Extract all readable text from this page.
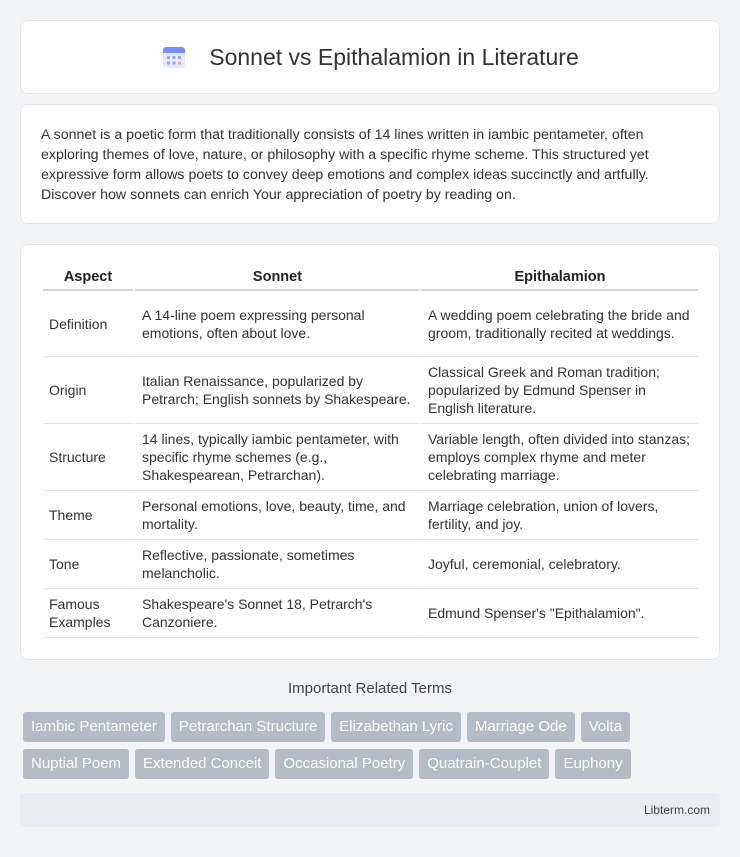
Sonnet vs Epithalamion in Literature

A sonnet is a poetic form that traditionally consists of 14 lines written in iambic pentameter, often exploring themes of love, nature, or philosophy with a specific rhyme scheme. This structured yet expressive form allows poets to convey deep emotions and complex ideas succinctly and artfully. Discover how sonnets can enrich Your appreciation of poetry by reading on.

Aspect	Sonnet	Epithalamion
Definition	A 14-line poem expressing personal emotions, often about love.	A wedding poem celebrating the bride and groom, traditionally recited at weddings.
Origin	Italian Renaissance, popularized by Petrarch; English sonnets by Shakespeare.	Classical Greek and Roman tradition; popularized by Edmund Spenser in English literature.
Structure	14 lines, typically iambic pentameter, with specific rhyme schemes (e.g., Shakespearean, Petrarchan).	Variable length, often divided into stanzas; employs complex rhyme and meter celebrating marriage.
Theme	Personal emotions, love, beauty, time, and mortality.	Marriage celebration, union of lovers, fertility, and joy.
Tone	Reflective, passionate, sometimes melancholic.	Joyful, ceremonial, celebratory.
Famous Examples	Shakespeare's Sonnet 18, Petrarch's Canzoniere.	Edmund Spenser's "Epithalamion".
Important Related Terms
Iambic Pentameter	Petrarchan Structure	Elizabethan Lyric	Marriage Ode	Volta
Nuptial Poem	Extended Conceit	Occasional Poetry	Quatrain-Couplet	Euphony
Libterm.com
